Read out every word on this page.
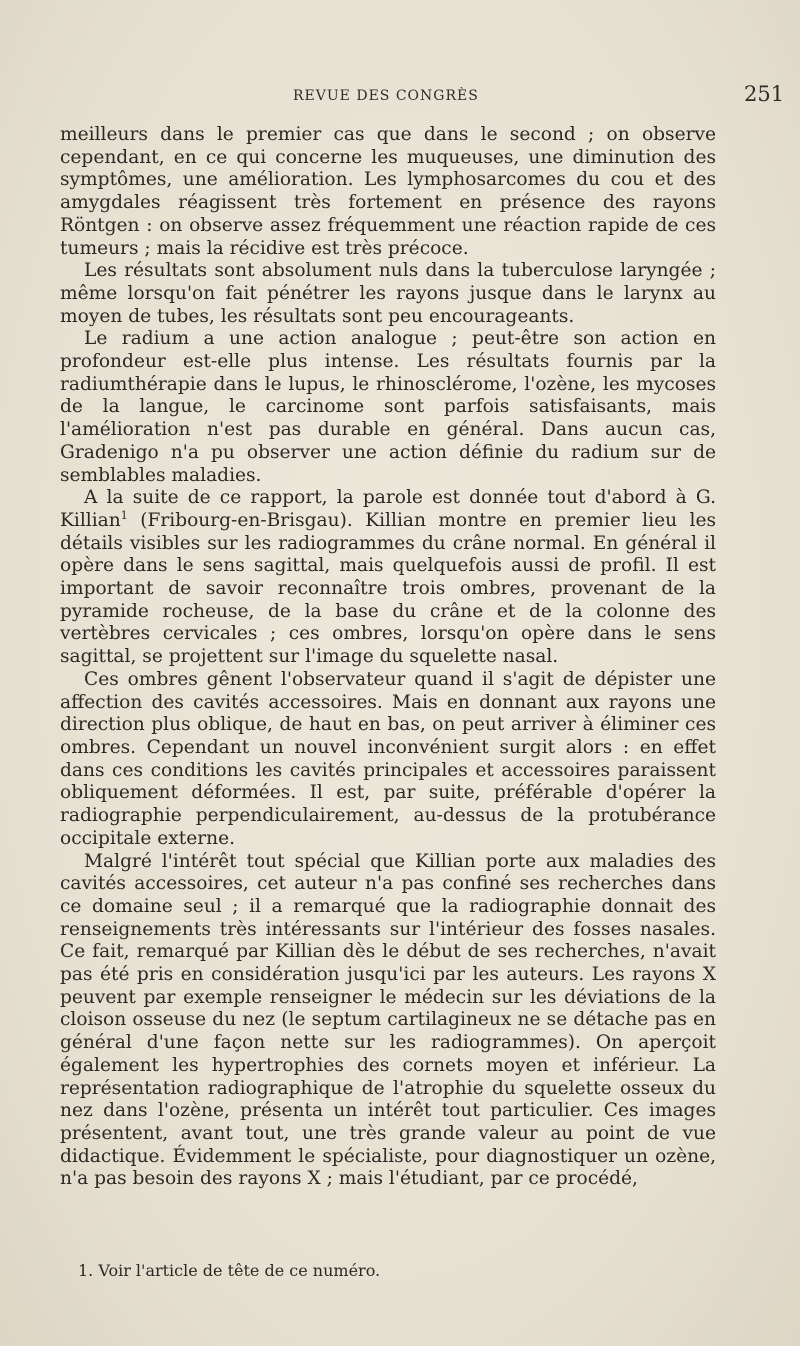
REVUE DES CONGRÈS	251

meilleurs dans le premier cas que dans le second ; on observe cependant, en ce qui concerne les muqueuses, une diminution des symptômes, une amélioration. Les lymphosarcomes du cou et des amygdales réagissent très fortement en présence des rayons Röntgen : on observe assez fréquemment une réaction rapide de ces tumeurs ; mais la récidive est très précoce.

Les résultats sont absolument nuls dans la tuberculose laryngée ; même lorsqu'on fait pénétrer les rayons jusque dans le larynx au moyen de tubes, les résultats sont peu encourageants.

Le radium a une action analogue ; peut-être son action en profondeur est-elle plus intense. Les résultats fournis par la radiumthérapie dans le lupus, le rhinosclérome, l'ozène, les mycoses de la langue, le carcinome sont parfois satisfaisants, mais l'amélioration n'est pas durable en général. Dans aucun cas, Gradenigo n'a pu observer une action définie du radium sur de semblables maladies.

A la suite de ce rapport, la parole est donnée tout d'abord à G. Killian$^1$ (Fribourg-en-Brisgau). Killian montre en premier lieu les détails visibles sur les radiogrammes du crâne normal. En général il opère dans le sens sagittal, mais quelquefois aussi de profil. Il est important de savoir reconnaître trois ombres, provenant de la pyramide rocheuse, de la base du crâne et de la colonne des vertèbres cervicales ; ces ombres, lorsqu'on opère dans le sens sagittal, se projettent sur l'image du squelette nasal.

Ces ombres gênent l'observateur quand il s'agit de dépister une affection des cavités accessoires. Mais en donnant aux rayons une direction plus oblique, de haut en bas, on peut arriver à éliminer ces ombres. Cependant un nouvel inconvénient surgit alors : en effet dans ces conditions les cavités principales et accessoires paraissent obliquement déformées. Il est, par suite, préférable d'opérer la radiographie perpendiculairement, au-dessus de la protubérance occipitale externe.

Malgré l'intérêt tout spécial que Killian porte aux maladies des cavités accessoires, cet auteur n'a pas confiné ses recherches dans ce domaine seul ; il a remarqué que la radiographie donnait des renseignements très intéressants sur l'intérieur des fosses nasales. Ce fait, remarqué par Killian dès le début de ses recherches, n'avait pas été pris en considération jusqu'ici par les auteurs. Les rayons X peuvent par exemple renseigner le médecin sur les déviations de la cloison osseuse du nez (le septum cartilagineux ne se détache pas en général d'une façon nette sur les radiogrammes). On aperçoit également les hypertrophies des cornets moyen et inférieur. La représentation radiographique de l'atrophie du squelette osseux du nez dans l'ozène, présenta un intérêt tout particulier. Ces images présentent, avant tout, une très grande valeur au point de vue didactique. Évidemment le spécialiste, pour diagnostiquer un ozène, n'a pas besoin des rayons X ; mais l'étudiant, par ce procédé,

1. Voir l'article de tête de ce numéro.
